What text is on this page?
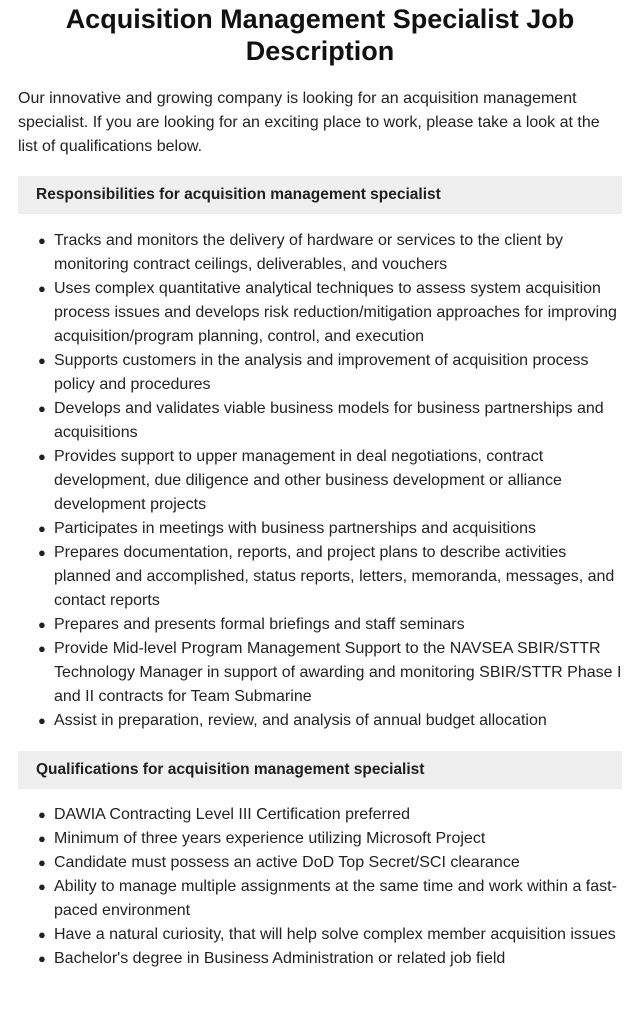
Acquisition Management Specialist Job Description

Our innovative and growing company is looking for an acquisition management specialist. If you are looking for an exciting place to work, please take a look at the list of qualifications below.

Responsibilities for acquisition management specialist
● Tracks and monitors the delivery of hardware or services to the client by monitoring contract ceilings, deliverables, and vouchers
● Uses complex quantitative analytical techniques to assess system acquisition process issues and develops risk reduction/mitigation approaches for improving acquisition/program planning, control, and execution
● Supports customers in the analysis and improvement of acquisition process policy and procedures
● Develops and validates viable business models for business partnerships and acquisitions
● Provides support to upper management in deal negotiations, contract development, due diligence and other business development or alliance development projects
● Participates in meetings with business partnerships and acquisitions
● Prepares documentation, reports, and project plans to describe activities planned and accomplished, status reports, letters, memoranda, messages, and contact reports
● Prepares and presents formal briefings and staff seminars
● Provide Mid-level Program Management Support to the NAVSEA SBIR/STTR Technology Manager in support of awarding and monitoring SBIR/STTR Phase I and II contracts for Team Submarine
● Assist in preparation, review, and analysis of annual budget allocation
Qualifications for acquisition management specialist
● DAWIA Contracting Level III Certification preferred
● Minimum of three years experience utilizing Microsoft Project
● Candidate must possess an active DoD Top Secret/SCI clearance
● Ability to manage multiple assignments at the same time and work within a fast-paced environment
● Have a natural curiosity, that will help solve complex member acquisition issues
● Bachelor's degree in Business Administration or related job field
